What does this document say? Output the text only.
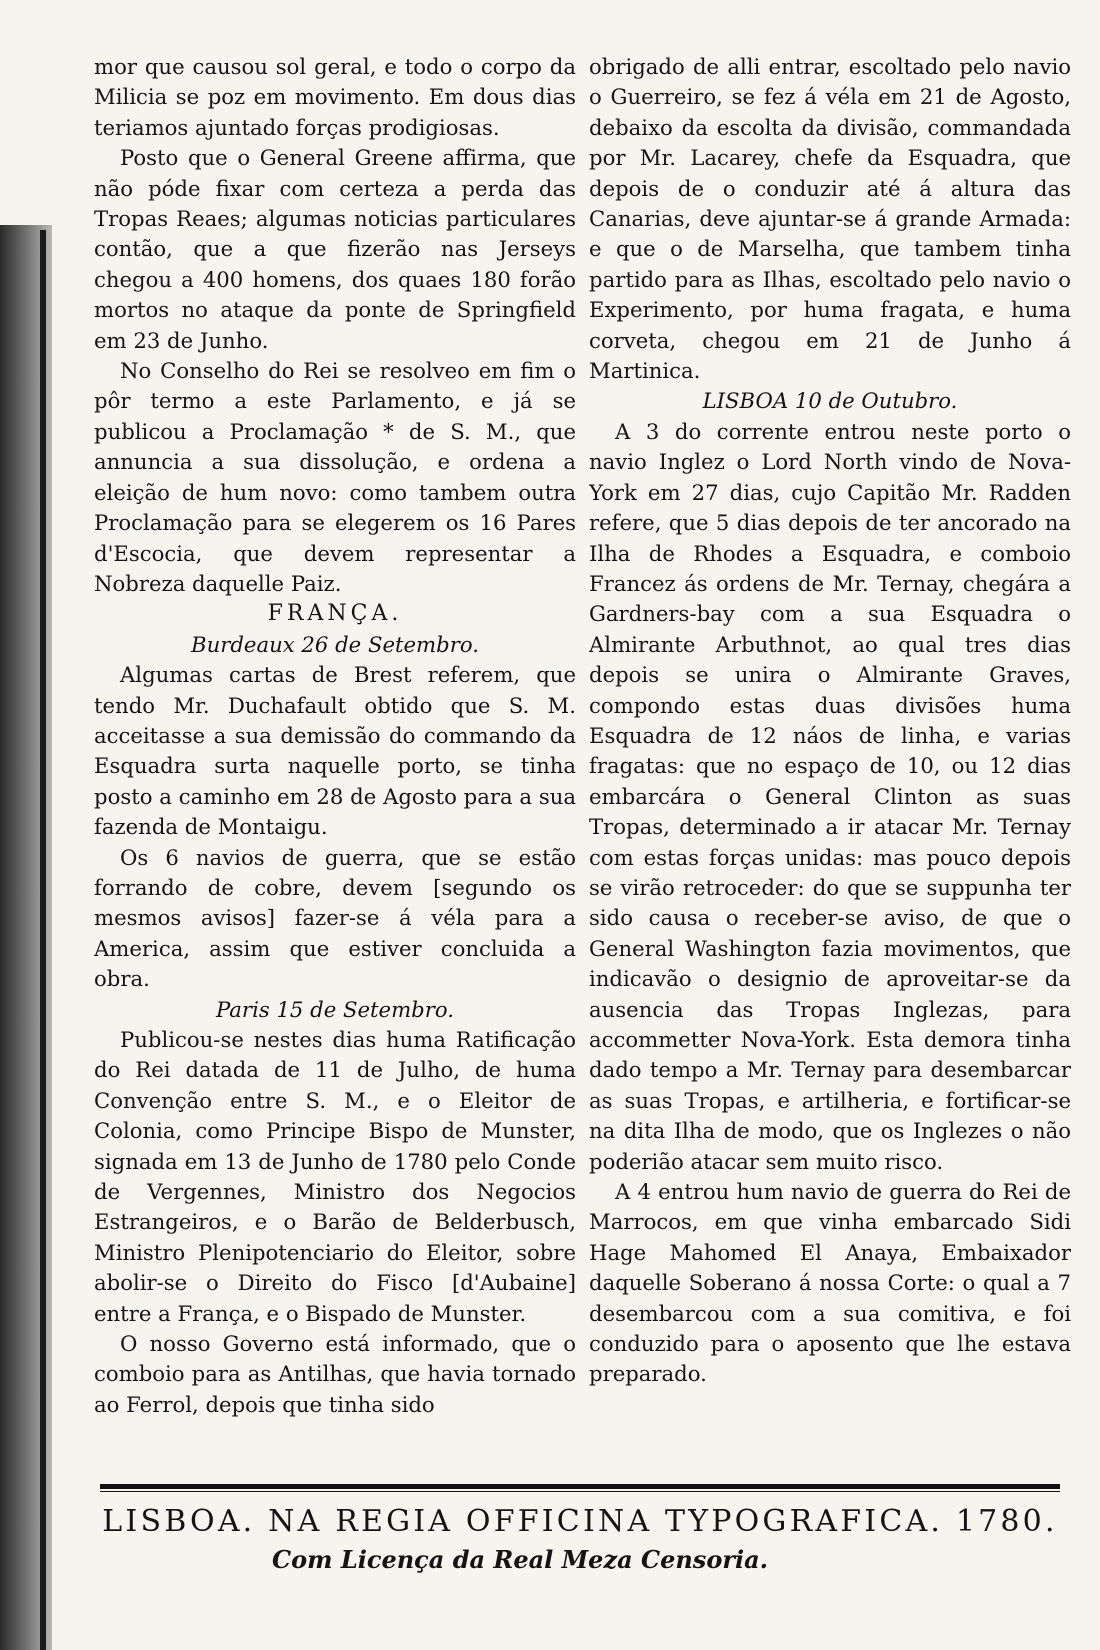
mor que causou sol geral, e todo o corpo da Milicia se poz em movimento. Em dous dias teriamos ajuntado forças prodigiosas.

Posto que o General Greene affirma, que não póde fixar com certeza a perda das Tropas Reaes; algumas noticias particulares contão, que a que fizerão nas Jerseys chegou a 400 homens, dos quaes 180 forão mortos no ataque da ponte de Springfield em 23 de Junho.

No Conselho do Rei se resolveo em fim o pôr termo a este Parlamento, e já se publicou a Proclamação * de S. M., que annuncia a sua dissolução, e ordena a eleição de hum novo: como tambem outra Proclamação para se elegerem os 16 Pares d'Escocia, que devem representar a Nobreza daquelle Paiz.

FRANÇA.
Burdeaux 26 de Setembro.

Algumas cartas de Brest referem, que tendo Mr. Duchafault obtido que S. M. acceitasse a sua demissão do commando da Esquadra surta naquelle porto, se tinha posto a caminho em 28 de Agosto para a sua fazenda de Montaigu.

Os 6 navios de guerra, que se estão forrando de cobre, devem [segundo os mesmos avisos] fazer-se á véla para a America, assim que estiver concluida a obra.

Paris 15 de Setembro.

Publicou-se nestes dias huma Ratificação do Rei datada de 11 de Julho, de huma Convenção entre S. M., e o Eleitor de Colonia, como Principe Bispo de Munster, signada em 13 de Junho de 1780 pelo Conde de Vergennes, Ministro dos Negocios Estrangeiros, e o Barão de Belderbusch, Ministro Plenipotenciario do Eleitor, sobre abolir-se o Direito do Fisco [d'Aubaine] entre a França, e o Bispado de Munster.

O nosso Governo está informado, que o comboio para as Antilhas, que havia tornado ao Ferrol, depois que tinha sido

obrigado de alli entrar, escoltado pelo navio o Guerreiro, se fez á véla em 21 de Agosto, debaixo da escolta da divisão, commandada por Mr. Lacarey, chefe da Esquadra, que depois de o conduzir até á altura das Canarias, deve ajuntar-se á grande Armada: e que o de Marselha, que tambem tinha partido para as Ilhas, escoltado pelo navio o Experimento, por huma fragata, e huma corveta, chegou em 21 de Junho á Martinica.

LISBOA 10 de Outubro.

A 3 do corrente entrou neste porto o navio Inglez o Lord North vindo de Nova-York em 27 dias, cujo Capitão Mr. Radden refere, que 5 dias depois de ter ancorado na Ilha de Rhodes a Esquadra, e comboio Francez ás ordens de Mr. Ternay, chegára a Gardners-bay com a sua Esquadra o Almirante Arbuthnot, ao qual tres dias depois se unira o Almirante Graves, compondo estas duas divisões huma Esquadra de 12 náos de linha, e varias fragatas: que no espaço de 10, ou 12 dias embarcára o General Clinton as suas Tropas, determinado a ir atacar Mr. Ternay com estas forças unidas: mas pouco depois se virão retroceder: do que se suppunha ter sido causa o receber-se aviso, de que o General Washington fazia movimentos, que indicavão o designio de aproveitar-se da ausencia das Tropas Inglezas, para accommetter Nova-York. Esta demora tinha dado tempo a Mr. Ternay para desembarcar as suas Tropas, e artilheria, e fortificar-se na dita Ilha de modo, que os Inglezes o não poderião atacar sem muito risco.

A 4 entrou hum navio de guerra do Rei de Marrocos, em que vinha embarcado Sidi Hage Mahomed El Anaya, Embaixador daquelle Soberano á nossa Corte: o qual a 7 desembarcou com a sua comitiva, e foi conduzido para o aposento que lhe estava preparado.

LISBOA. NA REGIA OFFICINA TYPOGRAFICA. 1780.
Com Licença da Real Meza Censoria.
